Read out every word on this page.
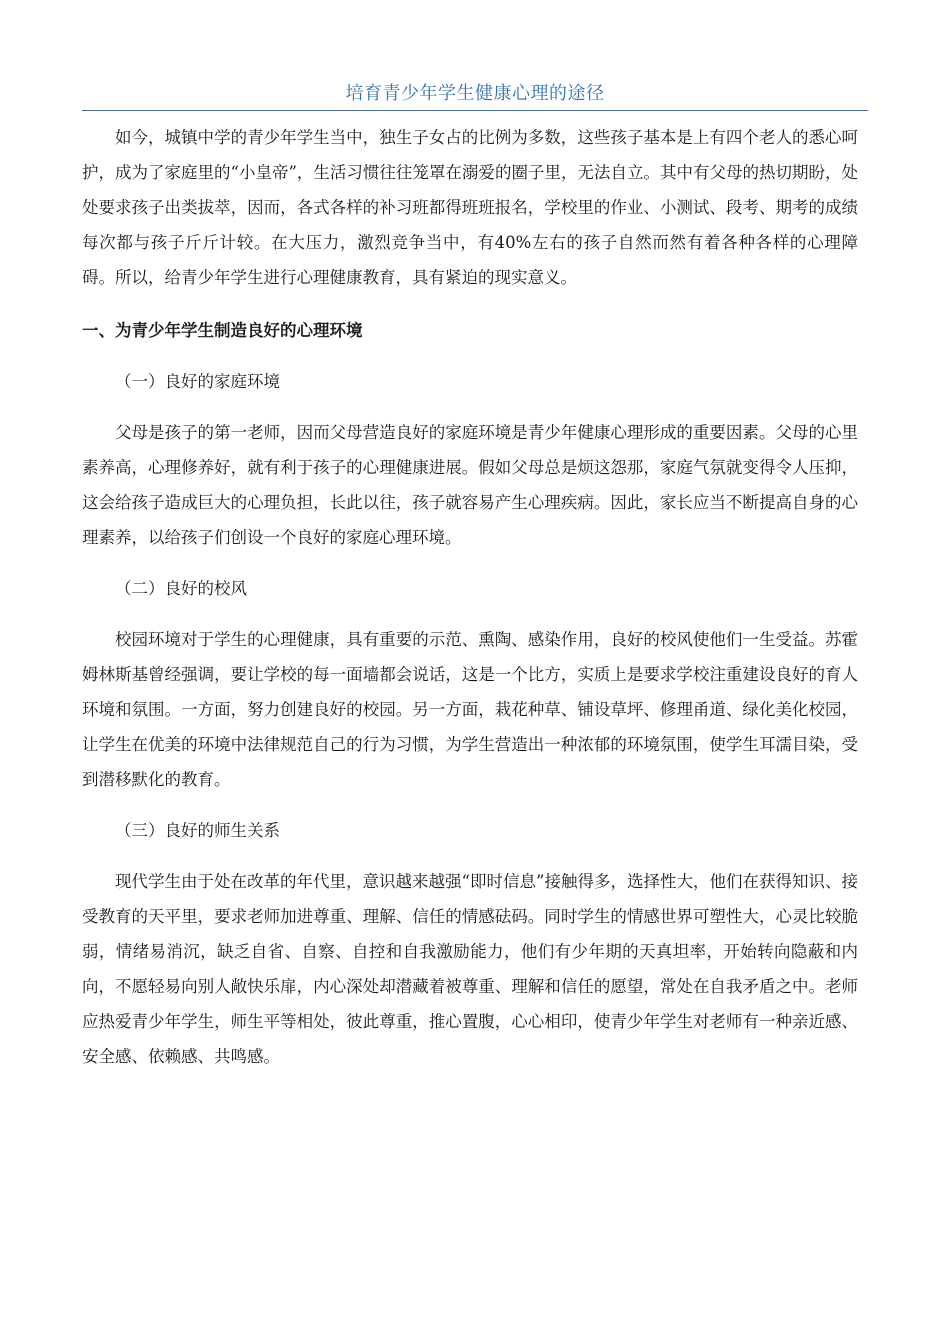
培育青少年学生健康心理的途径

如今，城镇中学的青少年学生当中，独生子女占的比例为多数，这些孩子基本是上有四个老人的悉心呵护，成为了家庭里的“小皇帝”，生活习惯往往笼罩在溺爱的圈子里，无法自立。其中有父母的热切期盼，处处要求孩子出类拔萃，因而，各式各样的补习班都得班班报名，学校里的作业、小测试、段考、期考的成绩每次都与孩子斤斤计较。在大压力，激烈竞争当中，有40%左右的孩子自然而然有着各种各样的心理障碍。所以，给青少年学生进行心理健康教育，具有紧迫的现实意义。

一、为青少年学生制造良好的心理环境

（一）良好的家庭环境

父母是孩子的第一老师，因而父母营造良好的家庭环境是青少年健康心理形成的重要因素。父母的心里素养高，心理修养好，就有利于孩子的心理健康进展。假如父母总是烦这怨那，家庭气氛就变得令人压抑，这会给孩子造成巨大的心理负担，长此以往，孩子就容易产生心理疾病。因此，家长应当不断提高自身的心理素养，以给孩子们创设一个良好的家庭心理环境。

（二）良好的校风

校园环境对于学生的心理健康，具有重要的示范、熏陶、感染作用，良好的校风使他们一生受益。苏霍姆林斯基曾经强调，要让学校的每一面墙都会说话，这是一个比方，实质上是要求学校注重建设良好的育人环境和氛围。一方面，努力创建良好的校园。另一方面，栽花种草、铺设草坪、修理甬道、绿化美化校园，让学生在优美的环境中法律规范自己的行为习惯，为学生营造出一种浓郁的环境氛围，使学生耳濡目染，受到潜移默化的教育。

（三）良好的师生关系

现代学生由于处在改革的年代里，意识越来越强“即时信息”接触得多，选择性大，他们在获得知识、接受教育的天平里，要求老师加进尊重、理解、信任的情感砝码。同时学生的情感世界可塑性大，心灵比较脆弱，情绪易消沉，缺乏自省、自察、自控和自我激励能力，他们有少年期的天真坦率，开始转向隐蔽和内向，不愿轻易向别人敞快乐扉，内心深处却潜藏着被尊重、理解和信任的愿望，常处在自我矛盾之中。老师应热爱青少年学生，师生平等相处，彼此尊重，推心置腹，心心相印，使青少年学生对老师有一种亲近感、安全感、依赖感、共鸣感。
